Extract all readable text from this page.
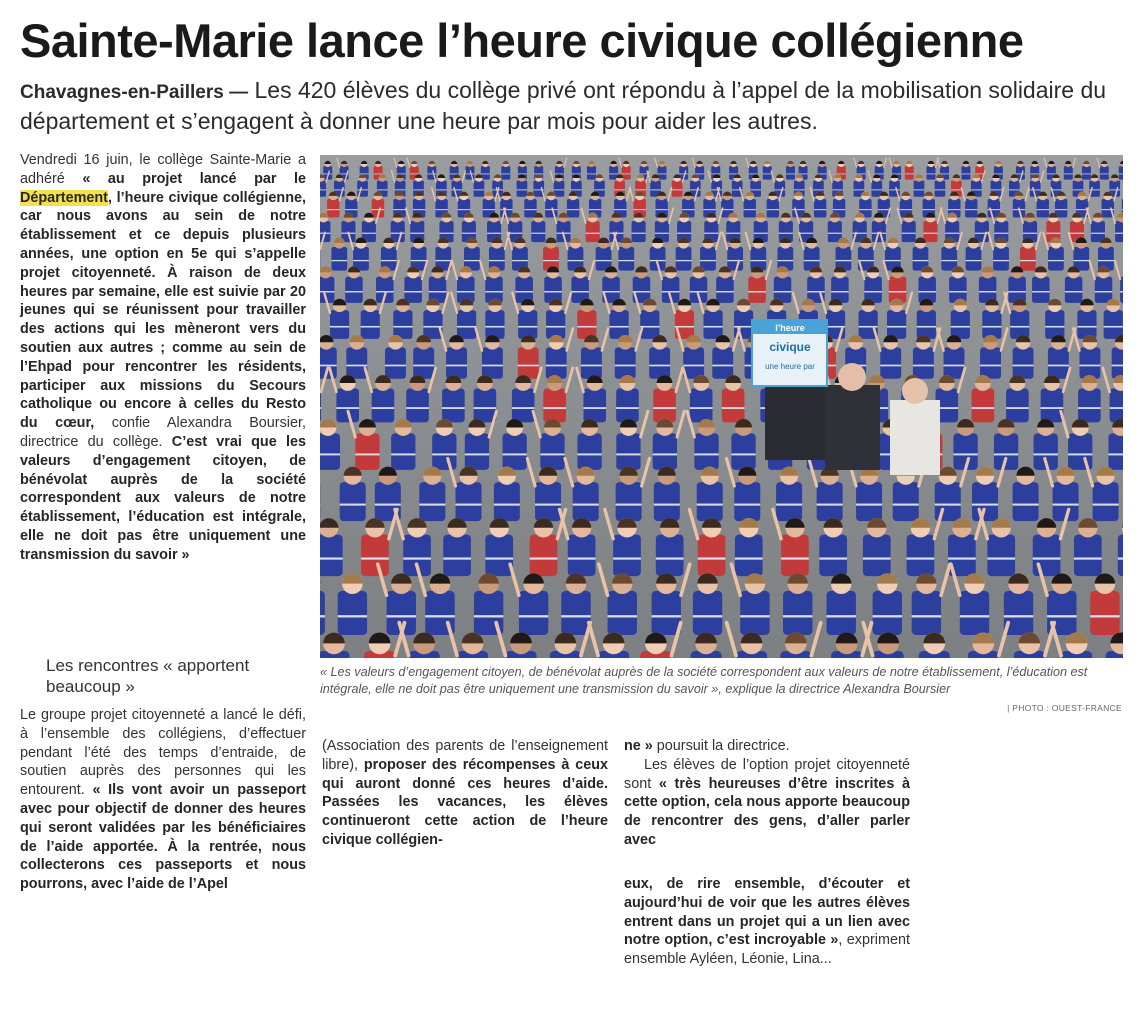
Sainte-Marie lance l’heure civique collégienne
Chavagnes-en-Paillers — Les 420 élèves du collège privé ont répondu à l’appel de la mobilisation solidaire du département et s’engagent à donner une heure par mois pour aider les autres.

Vendredi 16 juin, le collège Sainte-Marie a adhéré « au projet lancé par le Département, l’heure civique collégienne, car nous avons au sein de notre établissement et ce depuis plusieurs années, une option en 5e qui s’appelle projet citoyenneté. À raison de deux heures par semaine, elle est suivie par 20 jeunes qui se réunissent pour travailler des actions qui les mèneront vers du soutien aux autres ; comme au sein de l’Ehpad pour rencontrer les résidents, participer aux missions du Secours catholique ou encore à celles du Resto du cœur, confie Alexandra Boursier, directrice du collège. C’est vrai que les valeurs d’engagement citoyen, de bénévolat auprès de la société correspondent aux valeurs de notre établissement, l’éducation est intégrale, elle ne doit pas être uniquement une transmission du savoir »

Les rencontres « apportent beaucoup »

Le groupe projet citoyenneté a lancé le défi, à l’ensemble des collégiens, d’effectuer pendant l’été des temps d’entraide, de soutien auprès des personnes qui les entourent. « Ils vont avoir un passeport avec pour objectif de donner des heures qui seront validées par les bénéficiaires de l’aide apportée. À la rentrée, nous collecterons ces passeports et nous pourrons, avec l’aide de l’Apel

(Association des parents de l’enseignement libre), proposer des récompenses à ceux qui auront donné ces heures d’aide. Passées les vacances, les élèves continueront cette action de l’heure civique collégien-

ne » poursuit la directrice.

Les élèves de l’option projet citoyenneté sont « très heureuses d’être inscrites à cette option, cela nous apporte beaucoup de rencontrer des gens, d’aller parler avec

eux, de rire ensemble, d’écouter et aujourd’hui de voir que les autres élèves entrent dans un projet qui a un lien avec notre option, c’est incroyable », expriment ensemble Ayléen, Léonie, Lina...

l’heure
civique
une heure par
« Les valeurs d’engagement citoyen, de bénévolat auprès de la société correspondent aux valeurs de notre établissement, l’éducation est intégrale, elle ne doit pas être uniquement une transmission du savoir », explique la directrice Alexandra Boursier
| PHOTO : OUEST-FRANCE
